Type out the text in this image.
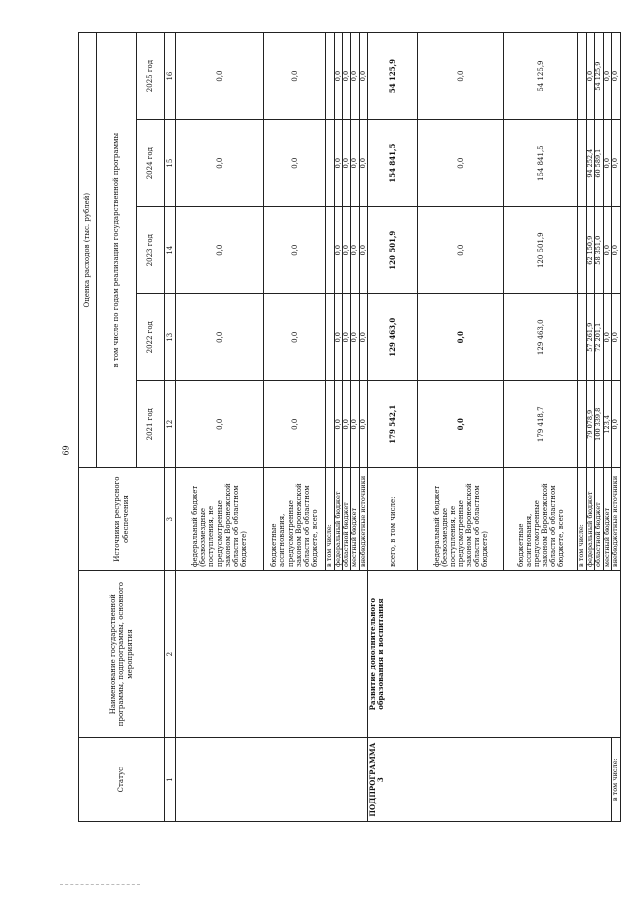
69
Статус	Наименование государственной программы, подпрограммы, основного мероприятия	Источники ресурсного обеспечения	Оценка расходов (тыс. рублей)				
			в том числе по годам реализации государственной программы				
			2021 год	2022 год	2023 год	2024 год	2025 год
1	2	3	12	13	14	15	16
		федеральный бюджет (безвозмездные поступления, не предусмотренные законом Воронежской области об областном бюджете)	0,0	0,0	0,0	0,0	0,0
		бюджетные ассигнования, предусмотренные законом Воронежской области об областном бюджете, всего	0,0	0,0	0,0	0,0	0,0
		в том числе:					
		федеральный бюджет	0,0	0,0	0,0	0,0	0,0
		областной бюджет	0,0	0,0	0,0	0,0	0,0
		местный бюджет	0,0	0,0	0,0	0,0	0,0
		внебюджетные источники	0,0	0,0	0,0	0,0	0,0
ПОДПРОГРАММА 3	Развитие дополнительного образования и воспитания	всего, в том числе:	179 542,1	129 463,0	120 501,9	154 841,5	54 125,9
		федеральный бюджет (безвозмездные поступления, не предусмотренные законом Воронежской области об областном бюджете)	0,0	0,0	0,0	0,0	0,0
		бюджетные ассигнования, предусмотренные законом Воронежской области об областном бюджете, всего	179 418,7	129 463,0	120 501,9	154 841,5	54 125,9
		в том числе:					
		федеральный бюджет	79 078,9	57 261,9	62 150,9	94 252,4	0,0
		областной бюджет	100 339,8	72 201,1	58 351,0	60 589,1	54 125,9
		местный бюджет	123,4	0,0	0,0	0,0	0,0
в том числе:		внебюджетные источники	0,0	0,0	0,0	0,0	0,0
